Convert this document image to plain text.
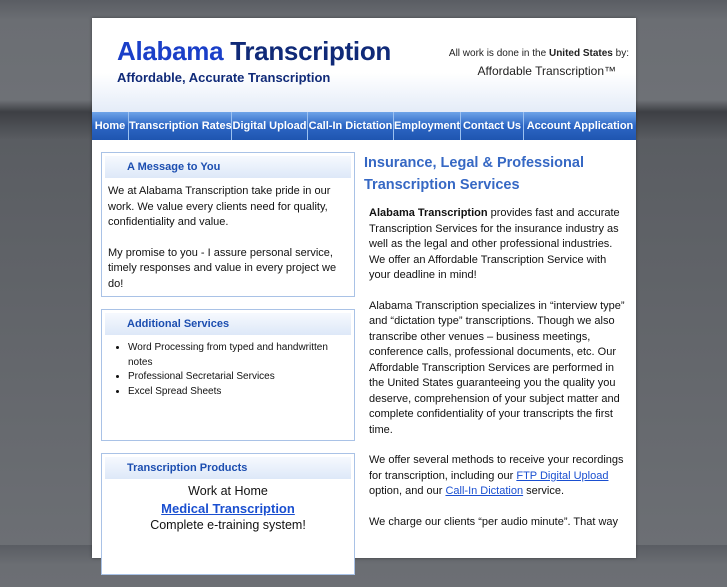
Alabama Transcription
Affordable, Accurate Transcription
All work is done in the United States by:
Affordable Transcription™
Home Transcription Rates Digital Upload Call-In Dictation Employment Contact Us Account Application
A Message to You

We at Alabama Transcription take pride in our work. We value every clients need for quality, confidentiality and value.

My promise to you - I assure personal service, timely responses and value in every project we do!

Additional Services
• Word Processing from typed and handwritten notes
• Professional Secretarial Services
• Excel Spread Sheets
Transcription Products
Work at Home
Medical Transcription
Complete e-training system!
Insurance, Legal & Professional
Transcription Services

Alabama Transcription provides fast and accurate Transcription Services for the insurance industry as well as the legal and other professional industries. We offer an Affordable Transcription Service with your deadline in mind!

Alabama Transcription specializes in “interview type” and “dictation type” transcriptions. Though we also transcribe other venues – business meetings, conference calls, professional documents, etc. Our Affordable Transcription Services are performed in the United States guaranteeing you the quality you deserve, comprehension of your subject matter and complete confidentiality of your transcripts the first time.

We offer several methods to receive your recordings for transcription, including our FTP Digital Upload option, and our Call-In Dictation service.

We charge our clients “per audio minute”. That way
